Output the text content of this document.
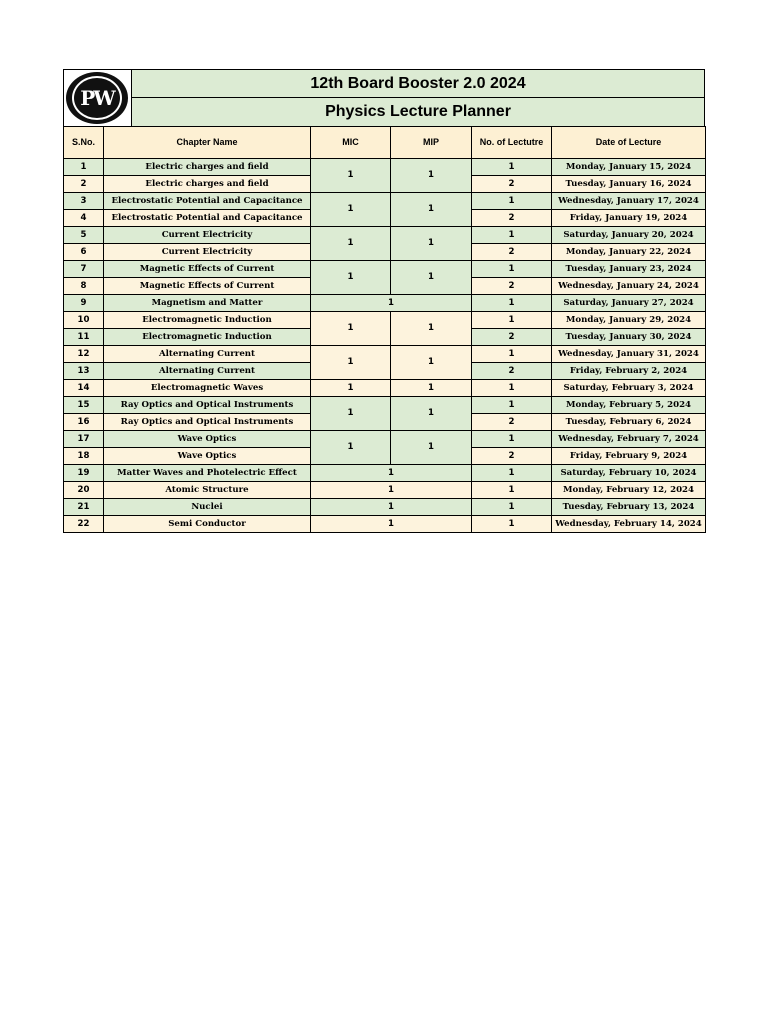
PW
12th Board Booster 2.0 2024
Physics Lecture Planner
S.No.	Chapter Name	MIC	MIP	No. of Lectutre	Date of Lecture
1	Electric charges and field	1	1	1	Monday, January 15, 2024
2	Electric charges and field			2	Tuesday, January 16, 2024
3	Electrostatic Potential and Capacitance	1	1	1	Wednesday, January 17, 2024
4	Electrostatic Potential and Capacitance			2	Friday, January 19, 2024
5	Current Electricity	1	1	1	Saturday, January 20, 2024
6	Current Electricity			2	Monday, January 22, 2024
7	Magnetic Effects of Current	1	1	1	Tuesday, January 23, 2024
8	Magnetic Effects of Current			2	Wednesday, January 24, 2024
9	Magnetism and Matter	1		1	Saturday, January 27, 2024
10	Electromagnetic Induction	1	1	1	Monday, January 29, 2024
11	Electromagnetic Induction			2	Tuesday, January 30, 2024
12	Alternating Current	1	1	1	Wednesday, January 31, 2024
13	Alternating Current			2	Friday, February 2, 2024
14	Electromagnetic Waves	1	1	1	Saturday, February 3, 2024
15	Ray Optics and Optical Instruments	1	1	1	Monday, February 5, 2024
16	Ray Optics and Optical Instruments			2	Tuesday, February 6, 2024
17	Wave Optics	1	1	1	Wednesday, February 7, 2024
18	Wave Optics			2	Friday, February 9, 2024
19	Matter Waves and Photelectric Effect	1		1	Saturday, February 10, 2024
20	Atomic Structure	1		1	Monday, February 12, 2024
21	Nuclei	1		1	Tuesday, February 13, 2024
22	Semi Conductor	1		1	Wednesday, February 14, 2024
